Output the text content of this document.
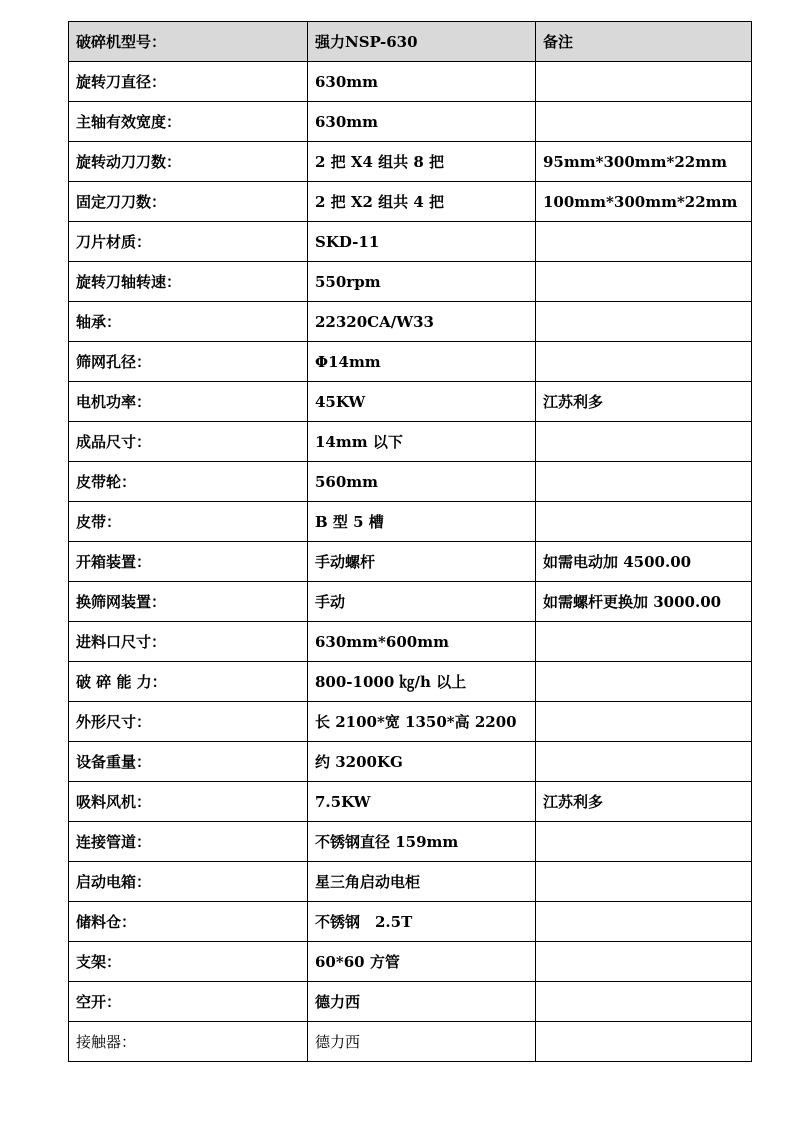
破碎机型号：	强力NSP-630	备注
旋转刀直径：	630mm	
主轴有效宽度：	630mm	
旋转动刀刀数：	2 把 X4 组共 8 把	95mm*300mm*22mm
固定刀刀数：	2 把 X2 组共 4 把	100mm*300mm*22mm
刀片材质：	SKD-11	
旋转刀轴转速：	550rpm	
轴承：	22320CA/W33	
筛网孔径：	Φ14mm	
电机功率：	45KW	江苏利多
成品尺寸：	14mm 以下	
皮带轮：	560mm	
皮带：	B 型 5 槽	
开箱装置：	手动螺杆	如需电动加 4500.00
换筛网装置：	手动	如需螺杆更换加 3000.00
进料口尺寸：	630mm*600mm	
破 碎 能 力：	800-1000 ㎏/h 以上	
外形尺寸：	长 2100*宽 1350*高 2200	
设备重量：	约 3200KG	
吸料风机：	7.5KW	江苏利多
连接管道：	不锈钢直径 159mm	
启动电箱：	星三角启动电柜	
储料仓：	不锈钢　2.5T	
支架：	60*60 方管	
空开：	德力西	
接触器：	德力西	
